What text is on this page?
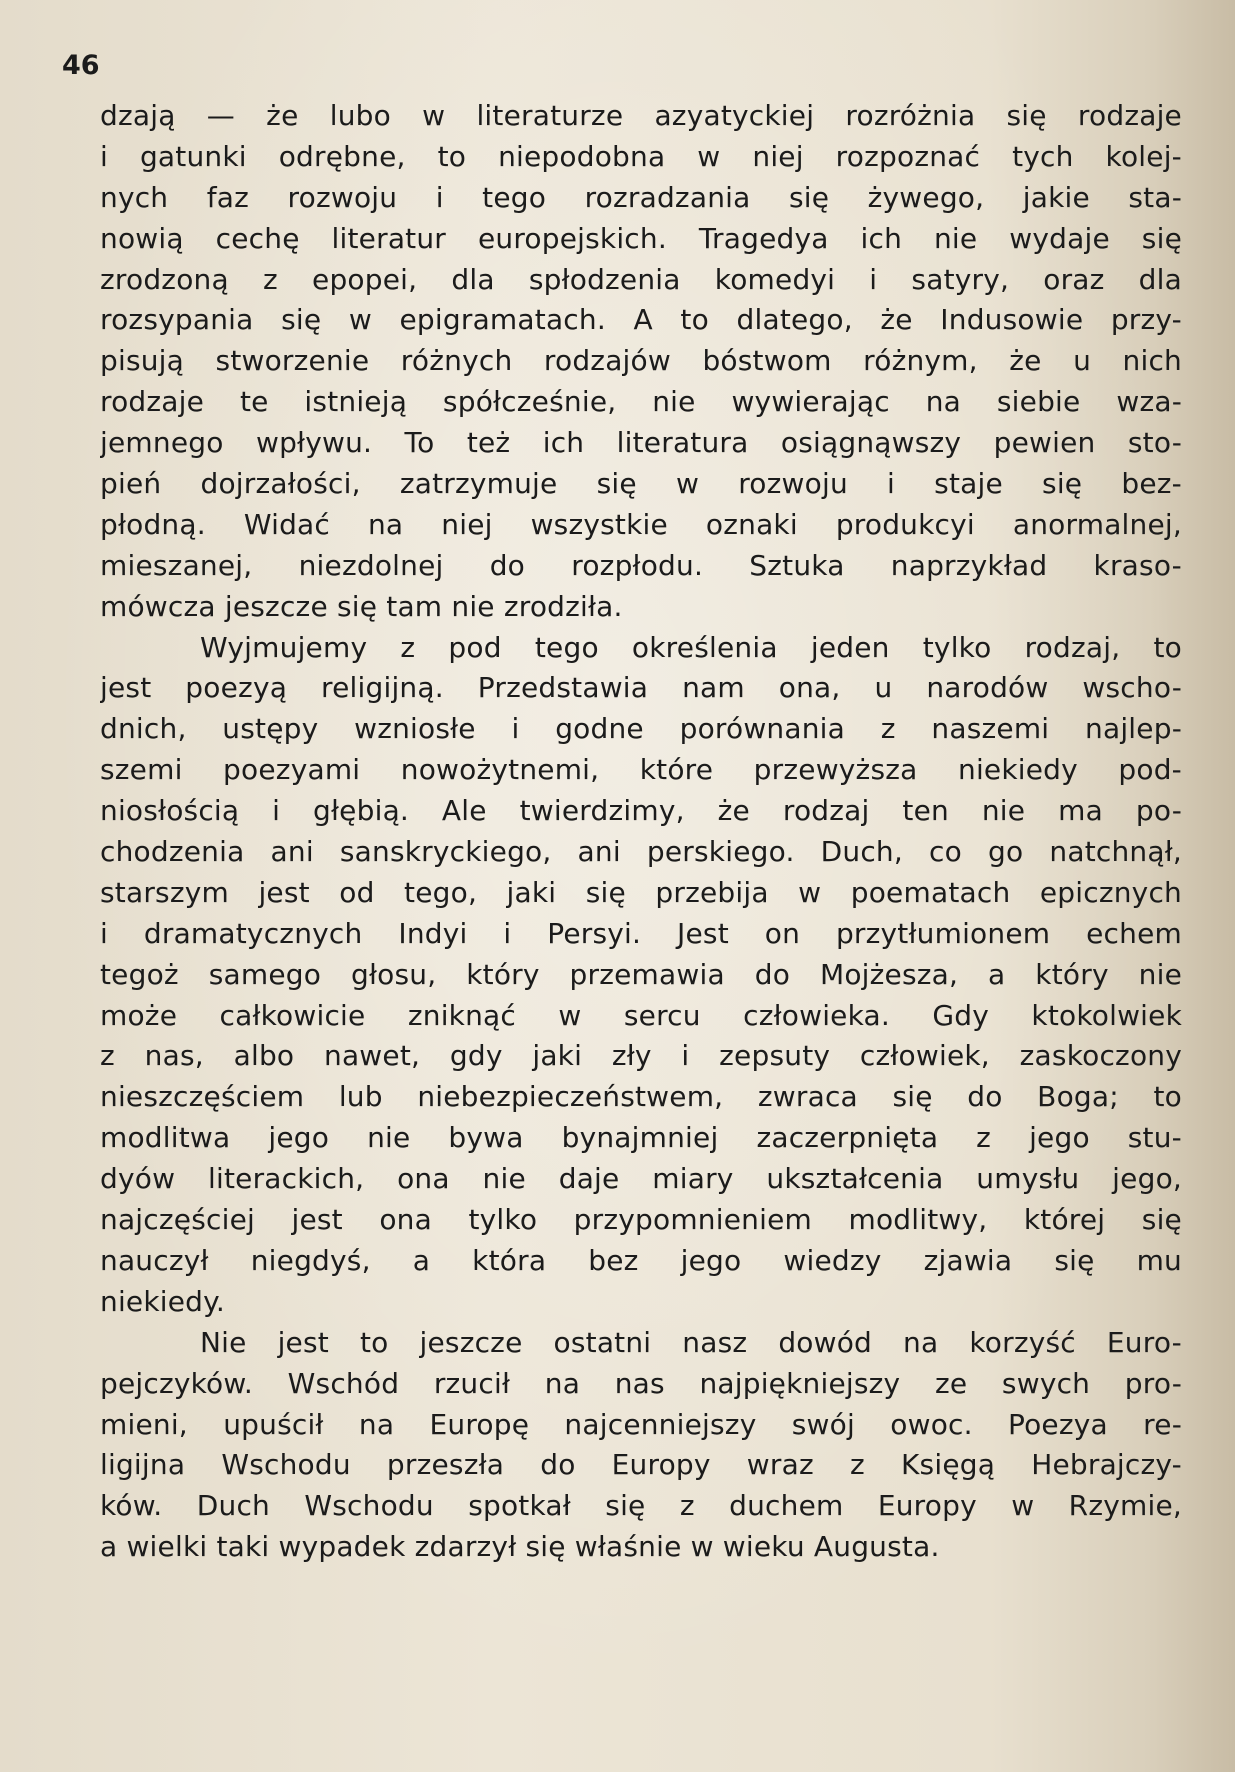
46
dzają — że lubo w literaturze azyatyckiej rozróżnia się rodzaje
i gatunki odrębne, to niepodobna w niej rozpoznać tych kolej-
nych faz rozwoju i tego rozradzania się żywego, jakie sta-
nowią cechę literatur europejskich. Tragedya ich nie wydaje się
zrodzoną z epopei, dla spłodzenia komedyi i satyry, oraz dla
rozsypania się w epigramatach. A to dlatego, że Indusowie przy-
pisują stworzenie różnych rodzajów bóstwom różnym, że u nich
rodzaje te istnieją spółcześnie, nie wywierając na siebie wza-
jemnego wpływu. To też ich literatura osiągnąwszy pewien sto-
pień dojrzałości, zatrzymuje się w rozwoju i staje się bez-
płodną. Widać na niej wszystkie oznaki produkcyi anormalnej,
mieszanej, niezdolnej do rozpłodu. Sztuka naprzykład kraso-
mówcza jeszcze się tam nie zrodziła.
Wyjmujemy z pod tego określenia jeden tylko rodzaj, to
jest poezyą religijną. Przedstawia nam ona, u narodów wscho-
dnich, ustępy wzniosłe i godne porównania z naszemi najlep-
szemi poezyami nowożytnemi, które przewyższa niekiedy pod-
niosłością i głębią. Ale twierdzimy, że rodzaj ten nie ma po-
chodzenia ani sanskryckiego, ani perskiego. Duch, co go natchnął,
starszym jest od tego, jaki się przebija w poematach epicznych
i dramatycznych Indyi i Persyi. Jest on przytłumionem echem
tegoż samego głosu, który przemawia do Mojżesza, a który nie
może całkowicie zniknąć w sercu człowieka. Gdy ktokolwiek
z nas, albo nawet, gdy jaki zły i zepsuty człowiek, zaskoczony
nieszczęściem lub niebezpieczeństwem, zwraca się do Boga; to
modlitwa jego nie bywa bynajmniej zaczerpnięta z jego stu-
dyów literackich, ona nie daje miary ukształcenia umysłu jego,
najczęściej jest ona tylko przypomnieniem modlitwy, której się
nauczył niegdyś, a która bez jego wiedzy zjawia się mu
niekiedy.
Nie jest to jeszcze ostatni nasz dowód na korzyść Euro-
pejczyków. Wschód rzucił na nas najpiękniejszy ze swych pro-
mieni, upuścił na Europę najcenniejszy swój owoc. Poezya re-
ligijna Wschodu przeszła do Europy wraz z Księgą Hebrajczy-
ków. Duch Wschodu spotkał się z duchem Europy w Rzymie,
a wielki taki wypadek zdarzył się właśnie w wieku Augusta.
